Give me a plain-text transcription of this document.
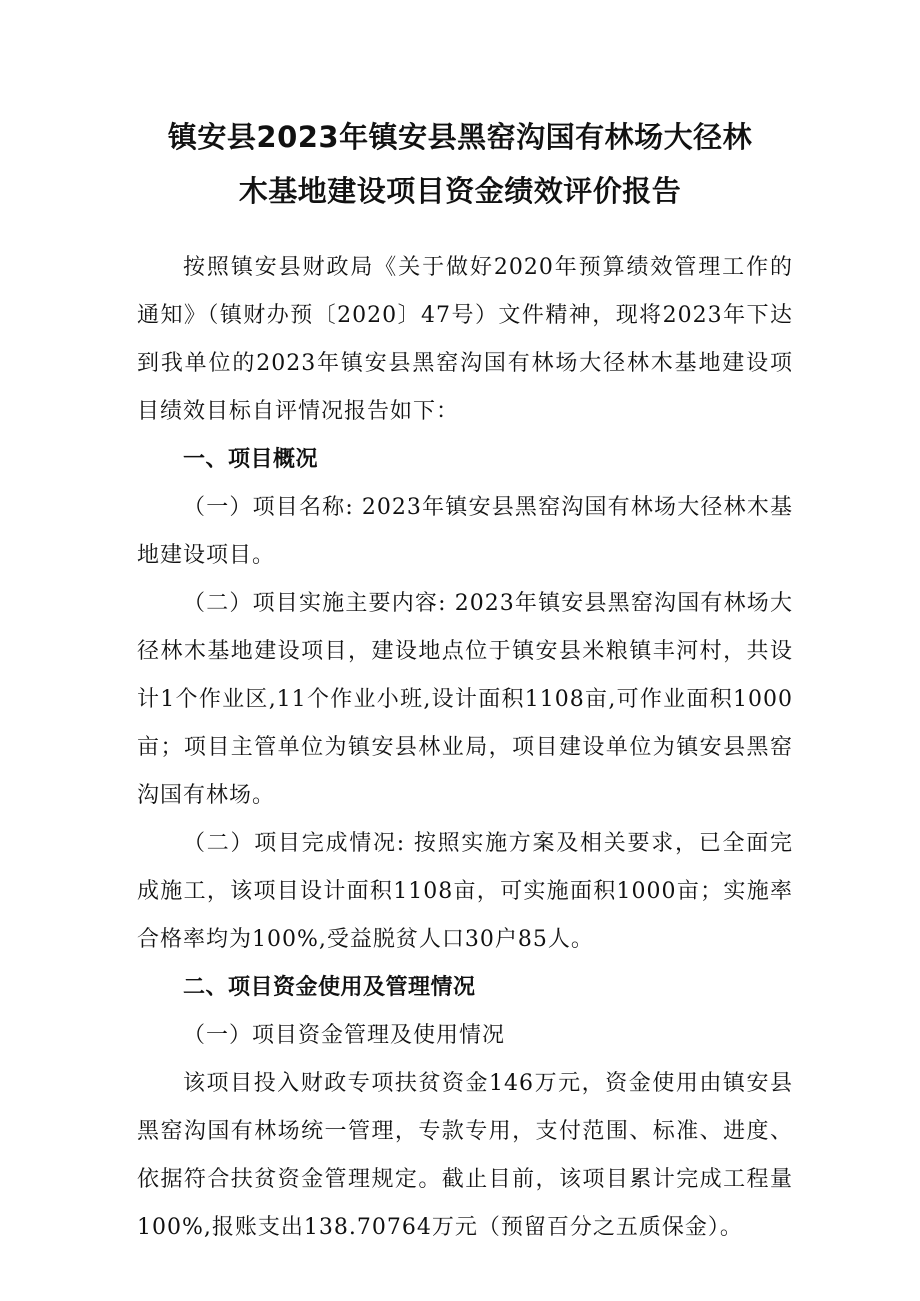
镇安县2023年镇安县黑窑沟国有林场大径林
木基地建设项目资金绩效评价报告

按照镇安县财政局《关于做好2020年预算绩效管理工作的通知》（镇财办预〔2020〕47号）文件精神，现将2023年下达到我单位的2023年镇安县黑窑沟国有林场大径林木基地建设项目绩效目标自评情况报告如下：

一、项目概况

（一）项目名称: 2023年镇安县黑窑沟国有林场大径林木基地建设项目。

（二）项目实施主要内容: 2023年镇安县黑窑沟国有林场大径林木基地建设项目，建设地点位于镇安县米粮镇丰河村，共设计1个作业区,11个作业小班,设计面积1108亩,可作业面积1000亩；项目主管单位为镇安县林业局，项目建设单位为镇安县黑窑沟国有林场。

（二）项目完成情况: 按照实施方案及相关要求，已全面完成施工，该项目设计面积1108亩，可实施面积1000亩；实施率合格率均为100%,受益脱贫人口30户85人。

二、项目资金使用及管理情况

（一）项目资金管理及使用情况

该项目投入财政专项扶贫资金146万元，资金使用由镇安县黑窑沟国有林场统一管理，专款专用，支付范围、标准、进度、依据符合扶贫资金管理规定。截止目前，该项目累计完成工程量100%,报账支出138.70764万元（预留百分之五质保金）。
